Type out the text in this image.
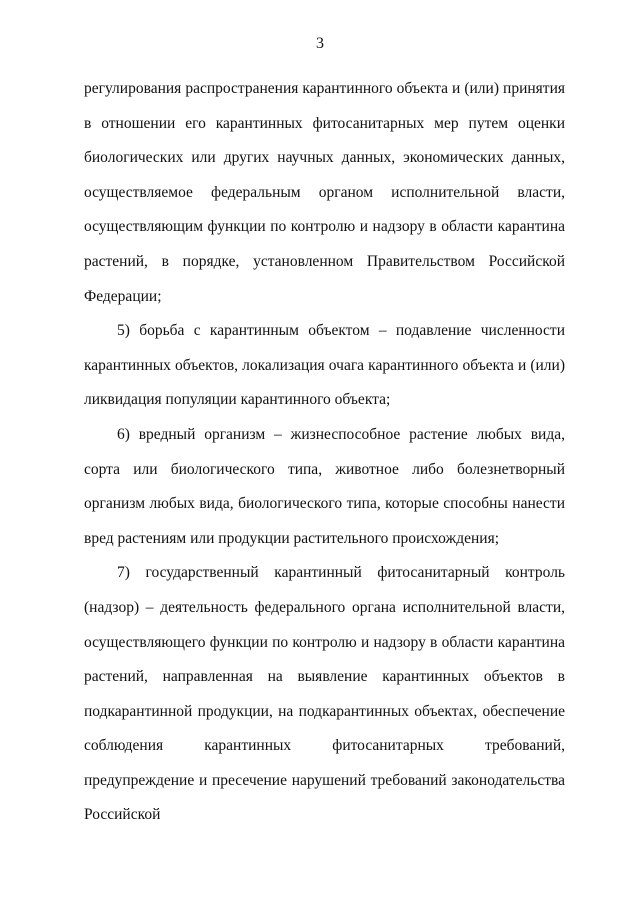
3

регулирования распространения карантинного объекта и (или) принятия в отношении его карантинных фитосанитарных мер путем оценки биологических или других научных данных, экономических данных, осуществляемое федеральным органом исполнительной власти, осуществляющим функции по контролю и надзору в области карантина растений, в порядке, установленном Правительством Российской Федерации;

5) борьба с карантинным объектом – подавление численности карантинных объектов, локализация очага карантинного объекта и (или) ликвидация популяции карантинного объекта;

6) вредный организм – жизнеспособное растение любых вида, сорта или биологического типа, животное либо болезнетворный организм любых вида, биологического типа, которые способны нанести вред растениям или продукции растительного происхождения;

7) государственный карантинный фитосанитарный контроль (надзор) – деятельность федерального органа исполнительной власти, осуществляющего функции по контролю и надзору в области карантина растений, направленная на выявление карантинных объектов в подкарантинной продукции, на подкарантинных объектах, обеспечение соблюдения карантинных фитосанитарных требований, предупреждение и пресечение нарушений требований законодательства Российской
